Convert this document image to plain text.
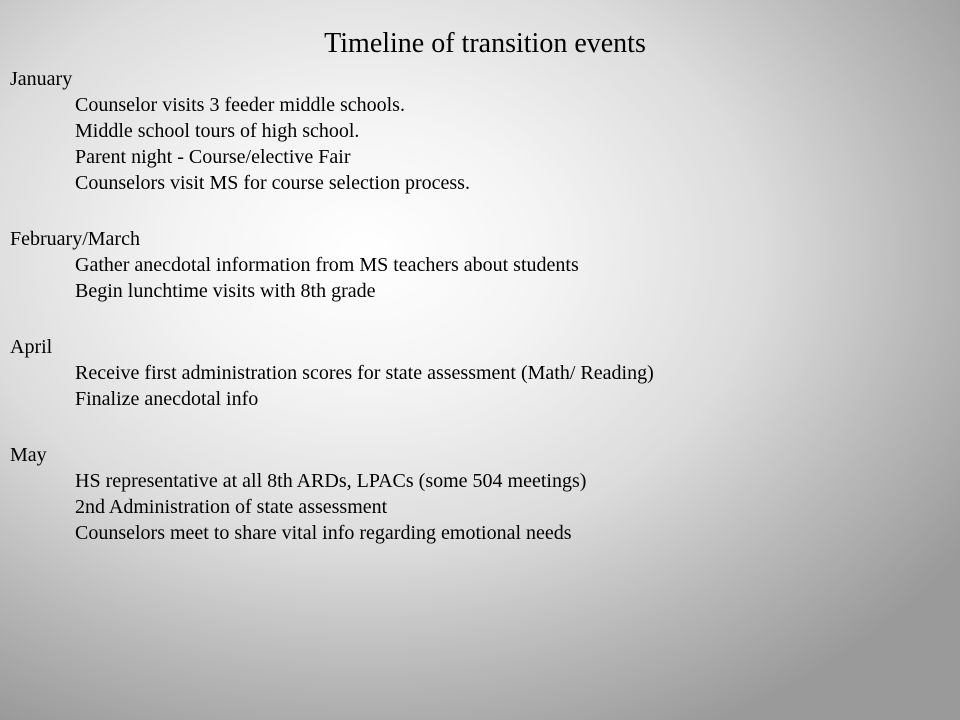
Timeline of transition events
January
Counselor visits 3 feeder middle schools.
Middle school tours of high school.
Parent night - Course/elective Fair
Counselors visit MS for course selection process.
February/March
Gather anecdotal information from MS teachers about students
Begin lunchtime visits with 8th grade
April
Receive first administration scores for state assessment (Math/ Reading)
Finalize anecdotal info
May
HS representative at all 8th ARDs, LPACs (some 504 meetings)
2nd Administration of state assessment
Counselors meet to share vital info regarding emotional needs
